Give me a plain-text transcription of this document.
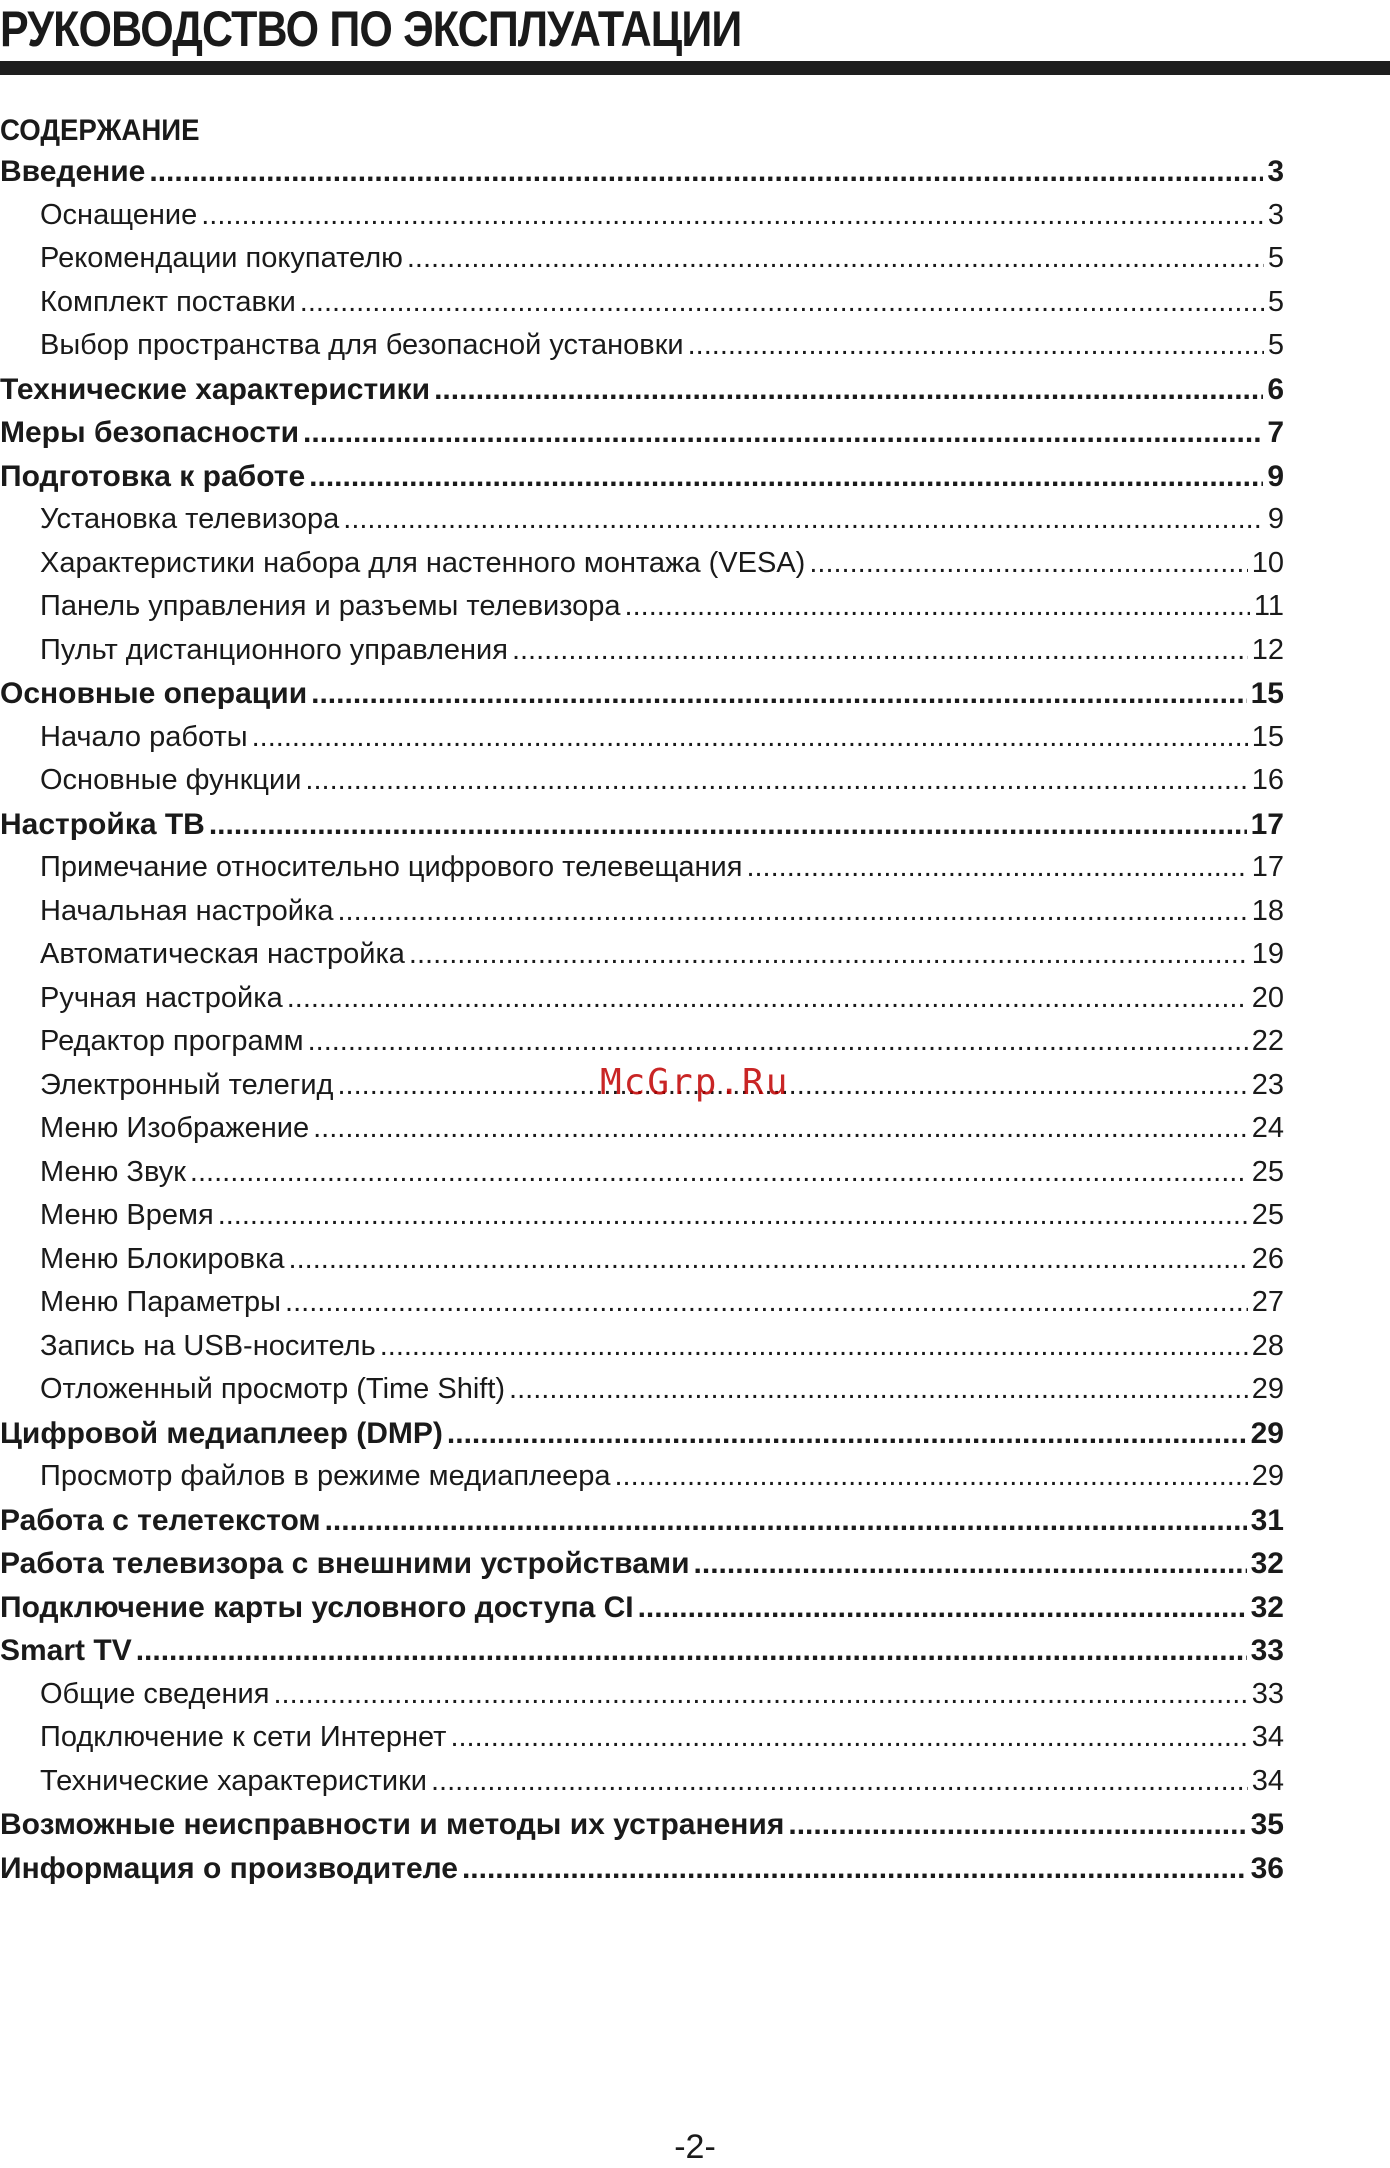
РУКОВОДСТВО ПО ЭКСПЛУАТАЦИИ
СОДЕРЖАНИЕ
Введение .....	3
Оснащение .....	3
Рекомендации покупателю .....	5
Комплект поставки .....	5
Выбор пространства для безопасной установки .....	5
Технические характеристики .....	6
Меры безопасности .....	7
Подготовка к работе .....	9
Установка телевизора .....	9
Характеристики набора для настенного монтажа (VESA) .....	10
Панель управления и разъемы телевизора .....	11
Пульт дистанционного управления .....	12
Основные операции .....	15
Начало работы .....	15
Основные функции .....	16
Настройка ТВ .....	17
Примечание относительно цифрового телевещания .....	17
Начальная настройка .....	18
Автоматическая настройка .....	19
Ручная настройка .....	20
Редактор программ .....	22
Электронный телегид .....	23
Меню Изображение .....	24
Меню Звук .....	25
Меню Время .....	25
Меню Блокировка .....	26
Меню Параметры .....	27
Запись на USB-носитель .....	28
Отложенный просмотр (Time Shift) .....	29
Цифровой медиаплеер (DMP) .....	29
Просмотр файлов в режиме медиаплеера .....	29
Работа с телетекстом .....	31
Работа телевизора с внешними устройствами .....	32
Подключение карты условного доступа CI .....	32
Smart TV .....	33
Общие сведения .....	33
Подключение к сети Интернет .....	34
Технические характеристики .....	34
Возможные неисправности и методы их устранения .....	35
Информация о производителе .....	36
McGrp.Ru
-2-
